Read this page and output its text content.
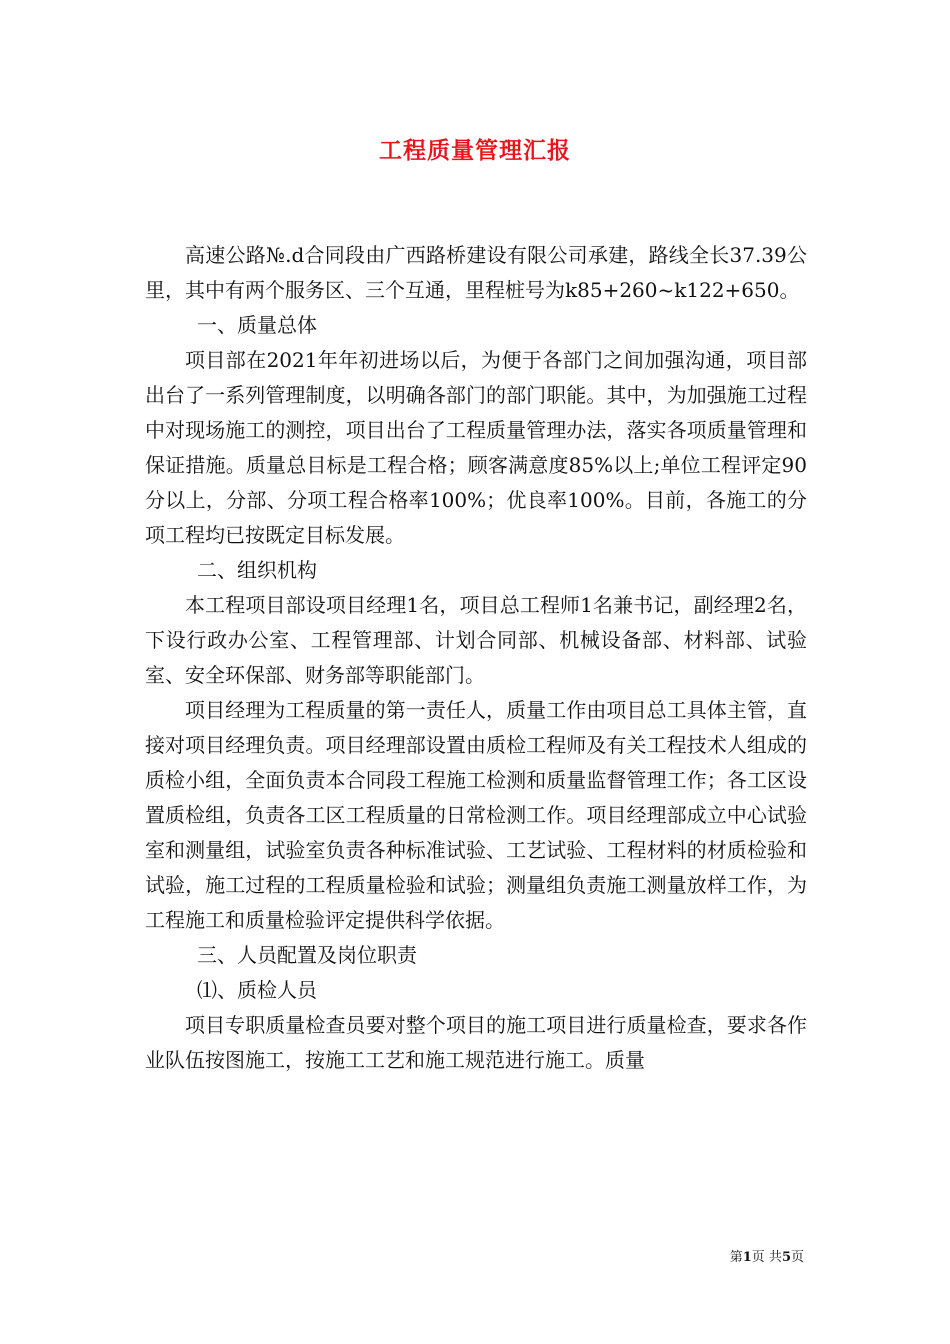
工程质量管理汇报

高速公路№.d合同段由广西路桥建设有限公司承建，路线全长37.39公里，其中有两个服务区、三个互通，里程桩号为k85+260~k122+650。

一、质量总体

项目部在2021年年初进场以后，为便于各部门之间加强沟通，项目部出台了一系列管理制度，以明确各部门的部门职能。其中，为加强施工过程中对现场施工的测控，项目出台了工程质量管理办法，落实各项质量管理和保证措施。质量总目标是工程合格；顾客满意度85%以上;单位工程评定90分以上，分部、分项工程合格率100%；优良率100%。目前，各施工的分项工程均已按既定目标发展。

二、组织机构

本工程项目部设项目经理1名，项目总工程师1名兼书记，副经理2名，下设行政办公室、工程管理部、计划合同部、机械设备部、材料部、试验室、安全环保部、财务部等职能部门。

项目经理为工程质量的第一责任人，质量工作由项目总工具体主管，直接对项目经理负责。项目经理部设置由质检工程师及有关工程技术人组成的质检小组，全面负责本合同段工程施工检测和质量监督管理工作；各工区设置质检组，负责各工区工程质量的日常检测工作。项目经理部成立中心试验室和测量组，试验室负责各种标准试验、工艺试验、工程材料的材质检验和试验，施工过程的工程质量检验和试验；测量组负责施工测量放样工作，为工程施工和质量检验评定提供科学依据。

三、人员配置及岗位职责

⑴、质检人员

项目专职质量检查员要对整个项目的施工项目进行质量检查，要求各作业队伍按图施工，按施工工艺和施工规范进行施工。质量

第1页 共5页
